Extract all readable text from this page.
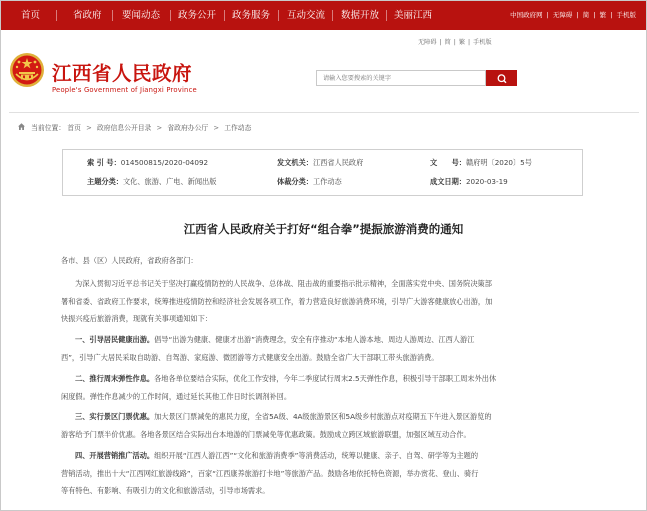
首页	省政府 要闻动态 政务公开 政务服务 互动交流 数据开放 美丽江西	中国政府网 | 无障碍 | 简 | 繁 | 手机版
江西省人民政府
People's Government of Jiangxi Province
无障碍 | 简 | 繁 | 手机版
请输入您要搜索的关键字
当前位置： 首页 > 政府信息公开目录 > 省政府办公厅 > 工作动态
索 引 号：014500815/2020-04092	发文机关：江西省人民政府	文　　号：赣府明〔2020〕5号
主题分类：文化、旅游、广电、新闻出版	体裁分类：工作动态	成文日期：2020-03-19
江西省人民政府关于打好“组合拳”提振旅游消费的通知
各市、县（区）人民政府，省政府各部门：
为深入贯彻习近平总书记关于坚决打赢疫情防控的人民战争、总体战、阻击战的重要指示批示精神，全面落实党中央、国务院决策部
署和省委、省政府工作要求，统筹推进疫情防控和经济社会发展各项工作，着力营造良好旅游消费环境，引导广大游客健康放心出游，加
快振兴疫后旅游消费，现就有关事项通知如下：
一、引导居民健康出游。倡导“出游为健康、健康才出游”消费理念，安全有序推动“本地人游本地、周边人游周边、江西人游江
西”，引导广大居民采取自助游、自驾游、家庭游、微团游等方式健康安全出游。鼓励全省广大干部职工带头旅游消费。
二、推行周末弹性作息。各地各单位要结合实际，优化工作安排，今年二季度试行周末2.5天弹性作息，积极引导干部职工周末外出休
闲度假。弹性作息减少的工作时间，通过延长其他工作日时长调剂补回。
三、实行景区门票优惠。加大景区门票减免的惠民力度，全省5A级、4A级旅游景区和5A级乡村旅游点对疫期五下午进入景区游览的
游客给予门票半价优惠。各地各景区结合实际出台本地游的门票减免等优惠政策。鼓励成立跨区域旅游联盟，加强区域互动合作。
四、开展营销推广活动。组织开展“江西人游江西”“文化和旅游消费季”等消费活动，统筹以健康、亲子、自驾、研学等为主题的
营销活动，推出十大“江西网红旅游线路”，百家“江西康养旅游打卡地”等旅游产品。鼓励各地依托特色资源，举办赏花、登山、骑行
等有特色、有影响、有吸引力的文化和旅游活动，引导市场需求。
